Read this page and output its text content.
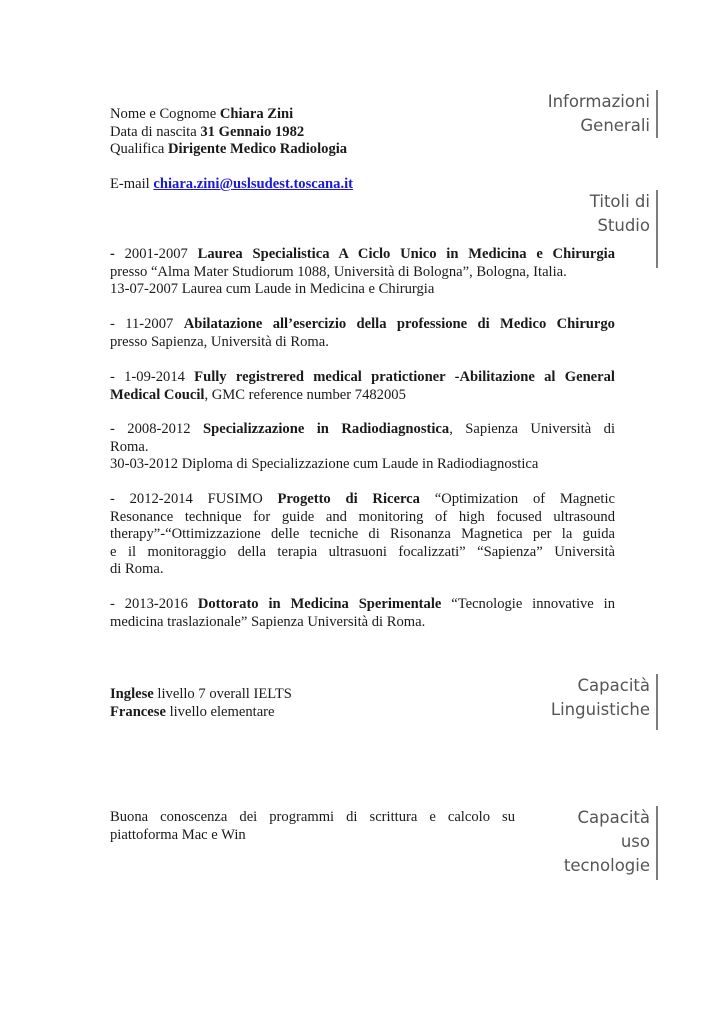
Informazioni
Generali
Titoli di
Studio
Capacità
Linguistiche
Capacità
uso
tecnologie
Nome e Cognome Chiara Zini
Data di nascita 31 Gennaio 1982
Qualifica Dirigente Medico Radiologia
E-mail chiara.zini@uslsudest.toscana.it
- 2001-2007 Laurea Specialistica A Ciclo Unico in Medicina e Chirurgia
presso “Alma Mater Studiorum 1088, Università di Bologna”, Bologna, Italia.
13-07-2007 Laurea cum Laude in Medicina e Chirurgia
- 11-2007 Abilatazione all’esercizio della professione di Medico Chirurgo
presso Sapienza, Università di Roma.
- 1-09-2014 Fully registrered medical pratictioner -Abilitazione al General
Medical Coucil, GMC reference number 7482005
- 2008-2012 Specializzazione in Radiodiagnostica, Sapienza Università di
Roma.
30-03-2012 Diploma di Specializzazione cum Laude in Radiodiagnostica
- 2012-2014 FUSIMO Progetto di Ricerca “Optimization of Magnetic
Resonance technique for guide and monitoring of high focused ultrasound
therapy”-“Ottimizzazione delle tecniche di Risonanza Magnetica per la guida
e il monitoraggio della terapia ultrasuoni focalizzati” “Sapienza” Università
di Roma.
- 2013-2016 Dottorato in Medicina Sperimentale “Tecnologie innovative in
medicina traslazionale” Sapienza Università di Roma.
Inglese livello 7 overall IELTS
Francese livello elementare
Buona conoscenza dei programmi di scrittura e calcolo su
piattoforma Mac e Win
